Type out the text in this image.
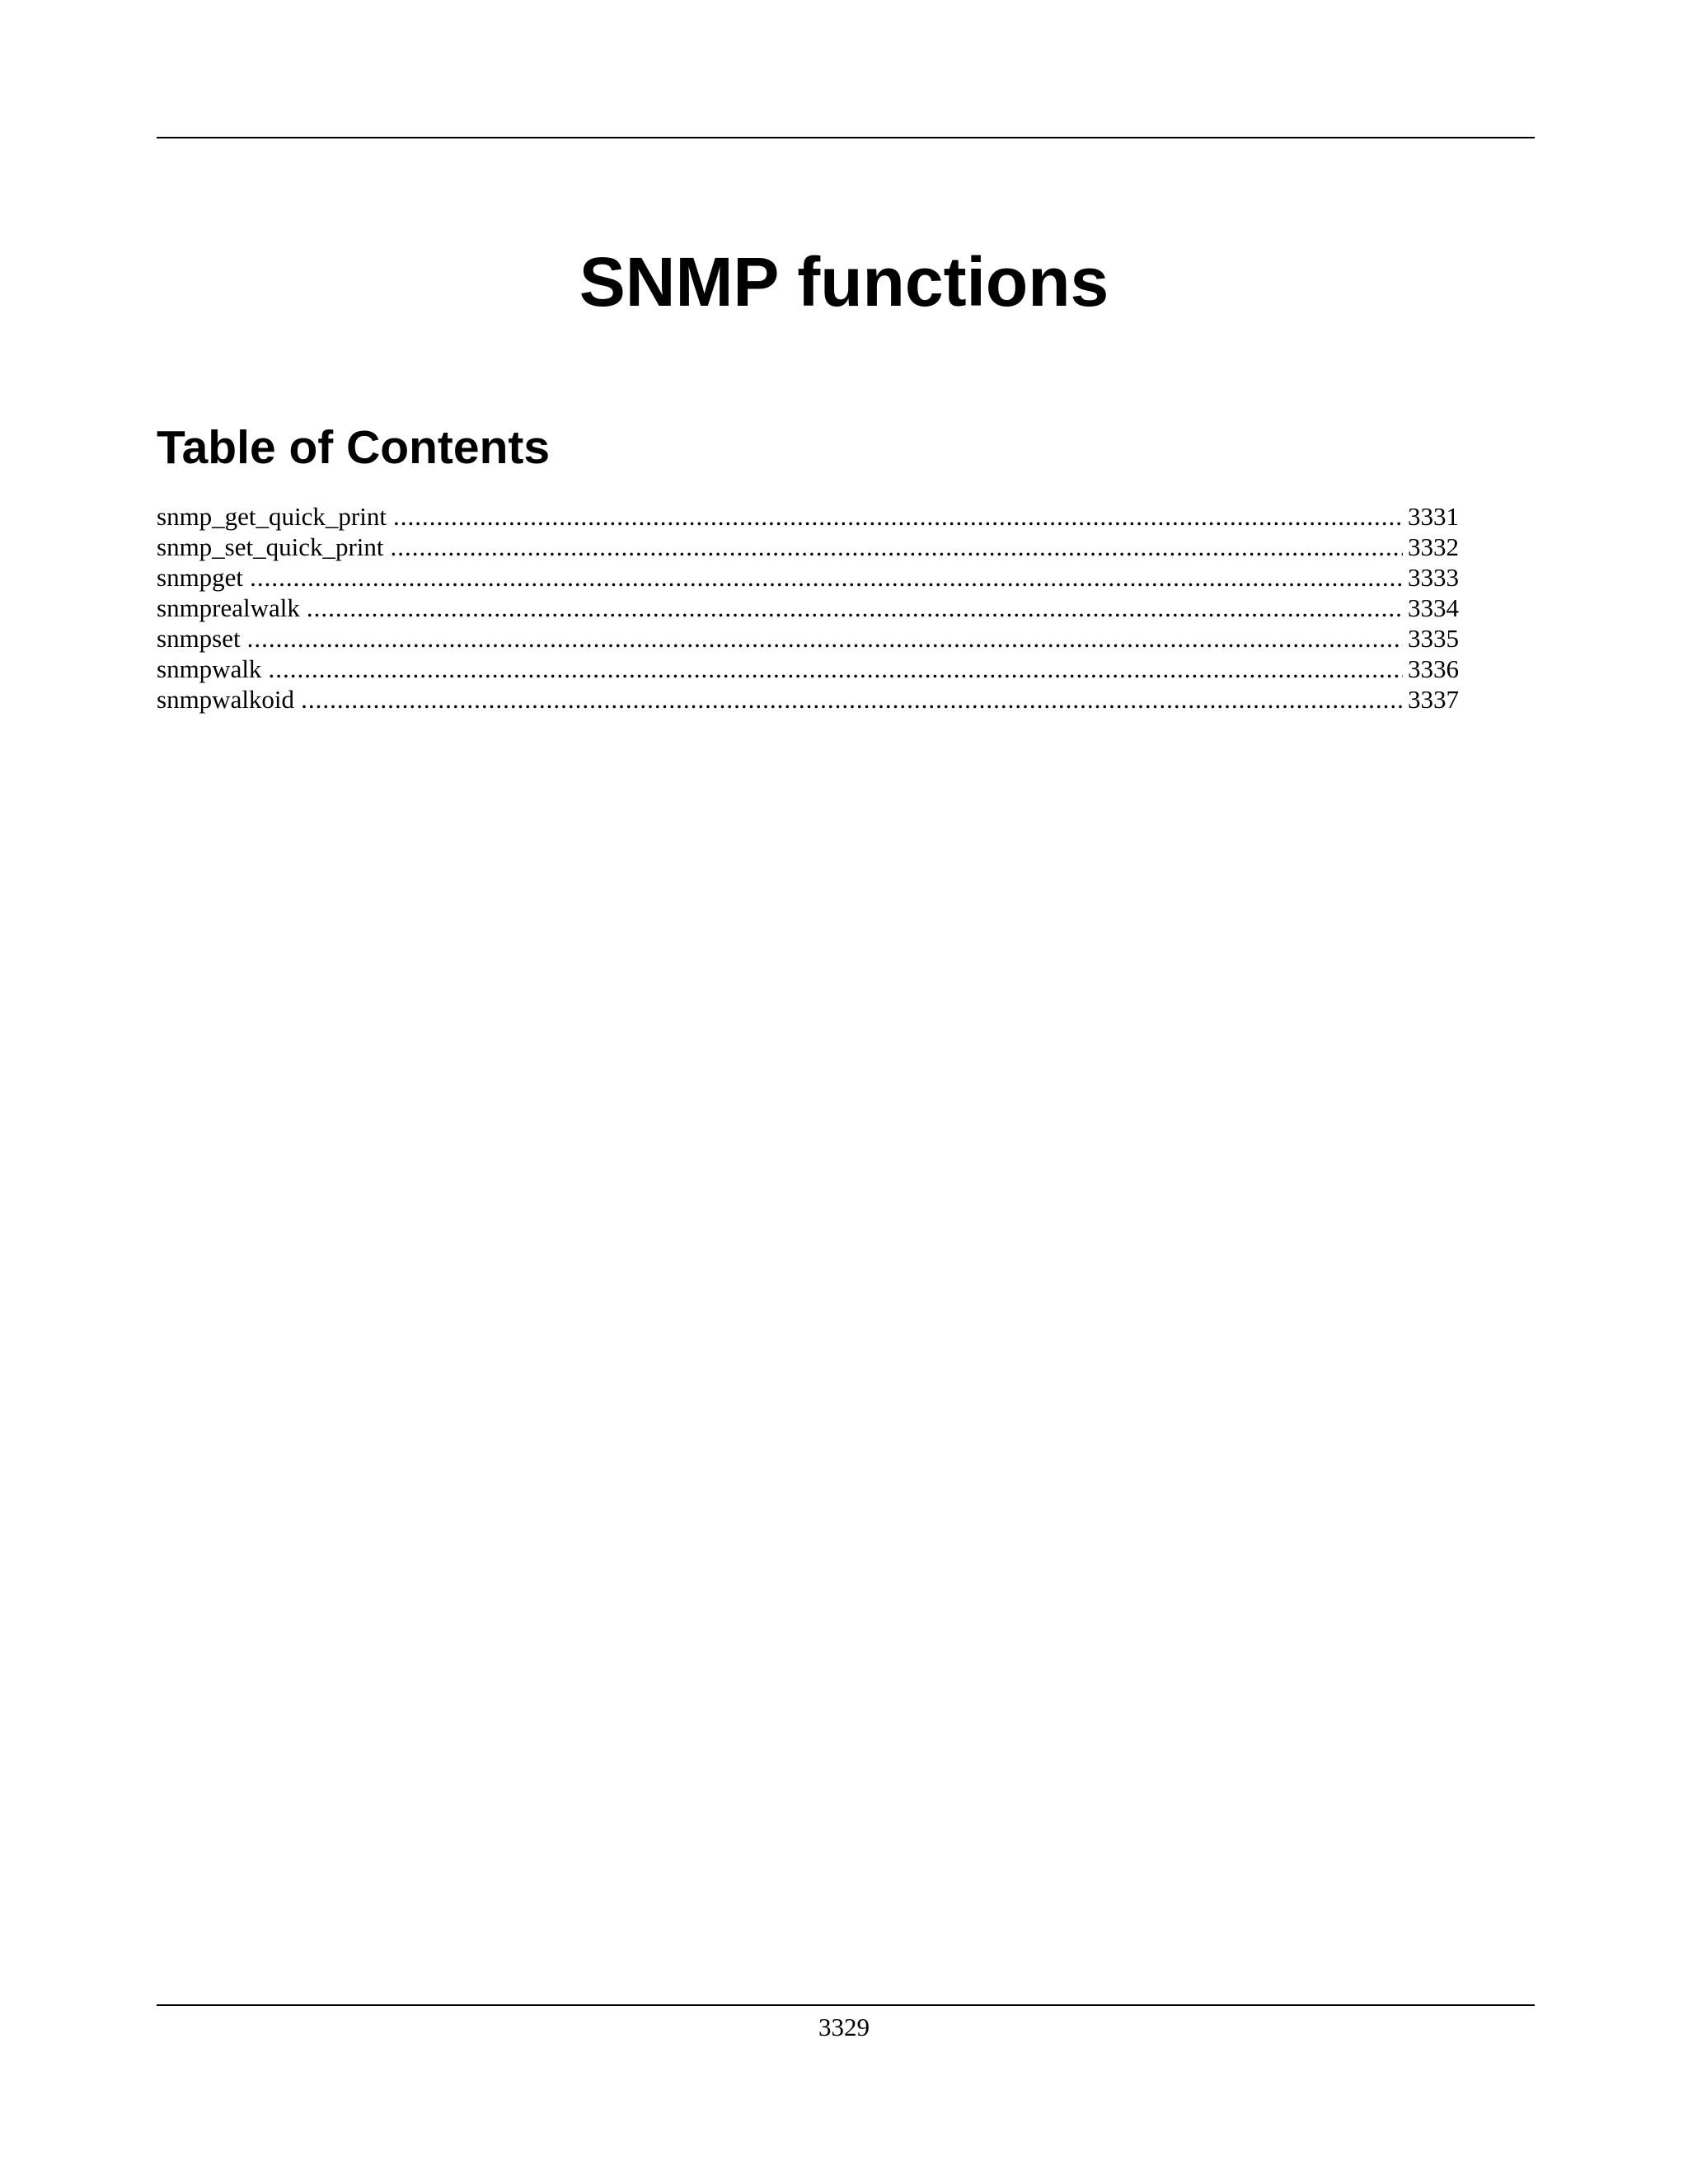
SNMP functions
Table of Contents
snmp_get_quick_print .....	3331
snmp_set_quick_print .....	3332
snmpget .....	3333
snmprealwalk .....	3334
snmpset .....	3335
snmpwalk .....	3336
snmpwalkoid .....	3337
3329
